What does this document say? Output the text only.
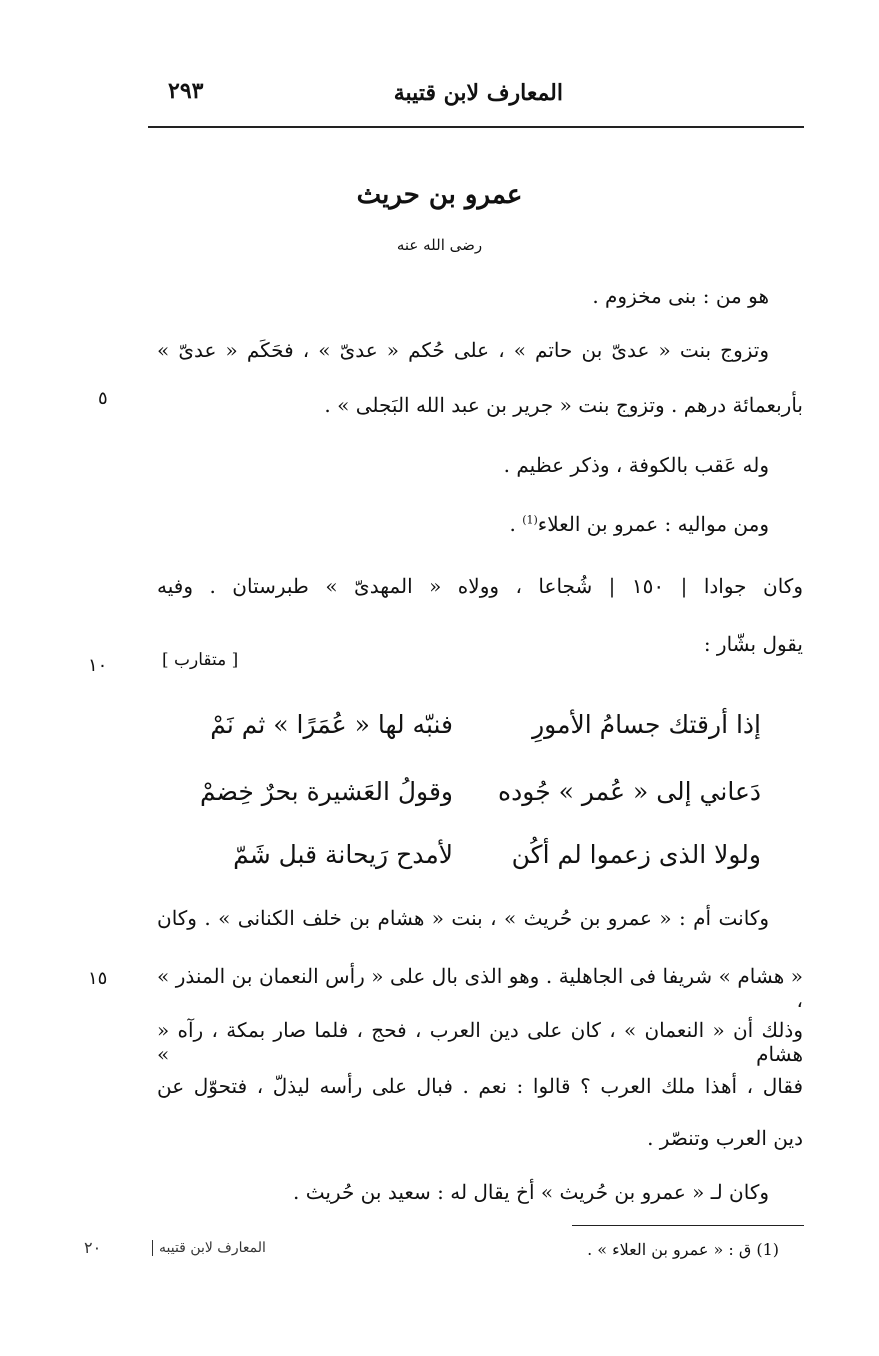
المعارف لابن قتيبة
٢٩٣
عمرو بن حريث
رضى الله عنه
هو من : بنى مخزوم .
وتزوج بنت « عدىّ بن حاتم » ، على حُكم « عدىّ » ، فحَكَم « عدىّ »
بأربعمائة درهم . وتزوج بنت « جرير بن عبد الله البَجلى » .
وله عَقب بالكوفة ، وذكر عظيم .
ومن مواليه : عمرو بن العلاء$^{(1)}$ .
وكان جوادا | ١٥٠ | شُجاعا ، وولاه « المهدىّ » طبرستان . وفيه
يقول بشّار :
٥
١٠
١٥
[ متقارب ]
إذا أرقتك جسامُ الأمورِ
فنبّه لها « عُمَرًا » ثم نَمْ
دَعاني إلى « عُمر » جُوده
وقولُ العَشيرة بحرٌ خِضمْ
ولولا الذى زعموا لم أكُن
لأمدح رَيحانة قبل شَمّ
وكانت أم : « عمرو بن حُريث » ، بنت « هشام بن خلف الكنانى » . وكان
« هشام » شريفا فى الجاهلية . وهو الذى بال على « رأس النعمان بن المنذر » ،
وذلك أن « النعمان » ، كان على دين العرب ، فحج ، فلما صار بمكة ، رآه « هشام »
فقال ، أهذا ملك العرب ؟ قالوا : نعم . فبال على رأسه ليذلّ ، فتحوّل عن
دين العرب وتنصّر .
وكان لـ « عمرو بن حُريث » أخ يقال له : سعيد بن حُريث .
(1) ق : « عمرو بن العلاء » .
المعارف لابن قتيبه
٢٠
